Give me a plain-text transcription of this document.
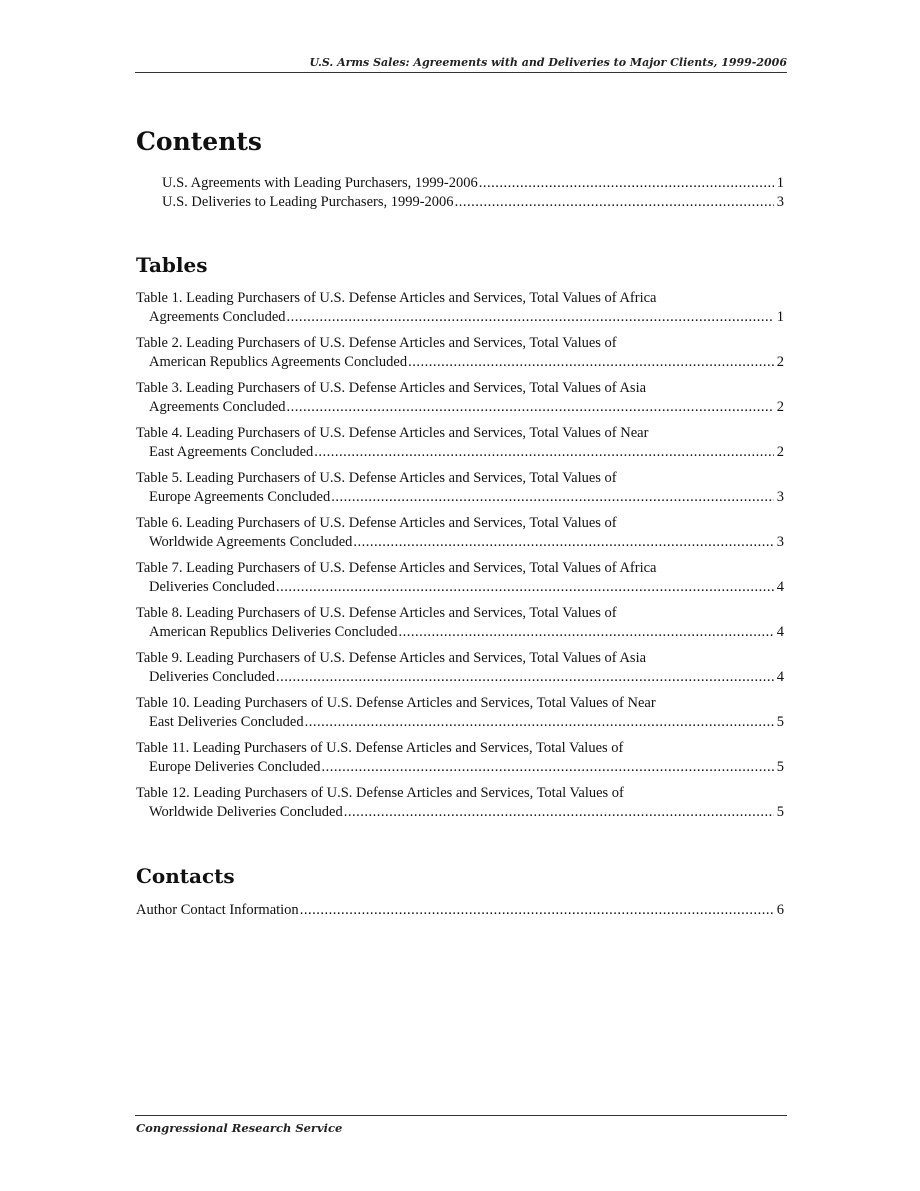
U.S. Arms Sales: Agreements with and Deliveries to Major Clients, 1999-2006
Contents
U.S. Agreements with Leading Purchasers, 1999-2006 .....	1
U.S. Deliveries to Leading Purchasers, 1999-2006 .....	3
Tables
Table 1. Leading Purchasers of U.S. Defense Articles and Services, Total Values of Africa
Agreements Concluded .....	1
Table 2. Leading Purchasers of U.S. Defense Articles and Services, Total Values of
American Republics Agreements Concluded .....	2
Table 3. Leading Purchasers of U.S. Defense Articles and Services, Total Values of Asia
Agreements Concluded .....	2
Table 4. Leading Purchasers of U.S. Defense Articles and Services, Total Values of Near
East Agreements Concluded .....	2
Table 5. Leading Purchasers of U.S. Defense Articles and Services, Total Values of
Europe Agreements Concluded .....	3
Table 6. Leading Purchasers of U.S. Defense Articles and Services, Total Values of
Worldwide Agreements Concluded .....	3
Table 7. Leading Purchasers of U.S. Defense Articles and Services, Total Values of Africa
Deliveries Concluded .....	4
Table 8. Leading Purchasers of U.S. Defense Articles and Services, Total Values of
American Republics Deliveries Concluded .....	4
Table 9. Leading Purchasers of U.S. Defense Articles and Services, Total Values of Asia
Deliveries Concluded .....	4
Table 10. Leading Purchasers of U.S. Defense Articles and Services, Total Values of Near
East Deliveries Concluded .....	5
Table 11. Leading Purchasers of U.S. Defense Articles and Services, Total Values of
Europe Deliveries Concluded .....	5
Table 12. Leading Purchasers of U.S. Defense Articles and Services, Total Values of
Worldwide Deliveries Concluded .....	5
Contacts
Author Contact Information .....	6
Congressional Research Service
